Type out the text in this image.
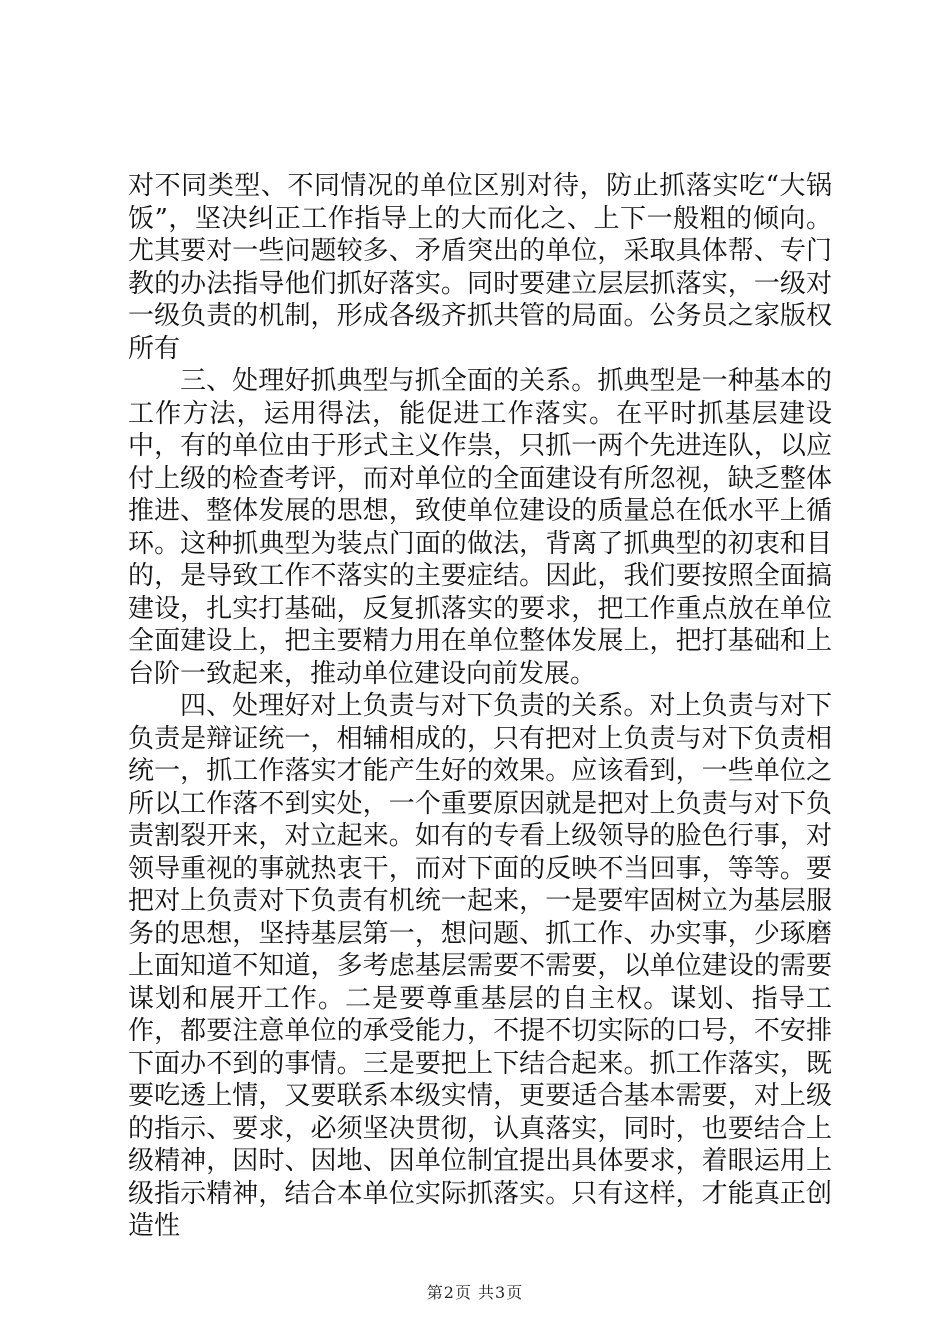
对不同类型、不同情况的单位区别对待，防止抓落实吃“大锅饭”，坚决纠正工作指导上的大而化之、上下一般粗的倾向。尤其要对一些问题较多、矛盾突出的单位，采取具体帮、专门教的办法指导他们抓好落实。同时要建立层层抓落实，一级对一级负责的机制，形成各级齐抓共管的局面。公务员之家版权所有

三、处理好抓典型与抓全面的关系。抓典型是一种基本的工作方法，运用得法，能促进工作落实。在平时抓基层建设中，有的单位由于形式主义作祟，只抓一两个先进连队，以应付上级的检查考评，而对单位的全面建设有所忽视，缺乏整体推进、整体发展的思想，致使单位建设的质量总在低水平上循环。这种抓典型为装点门面的做法，背离了抓典型的初衷和目的，是导致工作不落实的主要症结。因此，我们要按照全面搞建设，扎实打基础，反复抓落实的要求，把工作重点放在单位全面建设上，把主要精力用在单位整体发展上，把打基础和上台阶一致起来，推动单位建设向前发展。

四、处理好对上负责与对下负责的关系。对上负责与对下负责是辩证统一，相辅相成的，只有把对上负责与对下负责相统一，抓工作落实才能产生好的效果。应该看到，一些单位之所以工作落不到实处，一个重要原因就是把对上负责与对下负责割裂开来，对立起来。如有的专看上级领导的脸色行事，对领导重视的事就热衷干，而对下面的反映不当回事，等等。要把对上负责对下负责有机统一起来，一是要牢固树立为基层服务的思想，坚持基层第一，想问题、抓工作、办实事，少琢磨上面知道不知道，多考虑基层需要不需要，以单位建设的需要谋划和展开工作。二是要尊重基层的自主权。谋划、指导工作，都要注意单位的承受能力，不提不切实际的口号，不安排下面办不到的事情。三是要把上下结合起来。抓工作落实，既要吃透上情，又要联系本级实情，更要适合基本需要，对上级的指示、要求，必须坚决贯彻，认真落实，同时，也要结合上级精神，因时、因地、因单位制宜提出具体要求，着眼运用上级指示精神，结合本单位实际抓落实。只有这样，才能真正创造性

第2页 共3页
